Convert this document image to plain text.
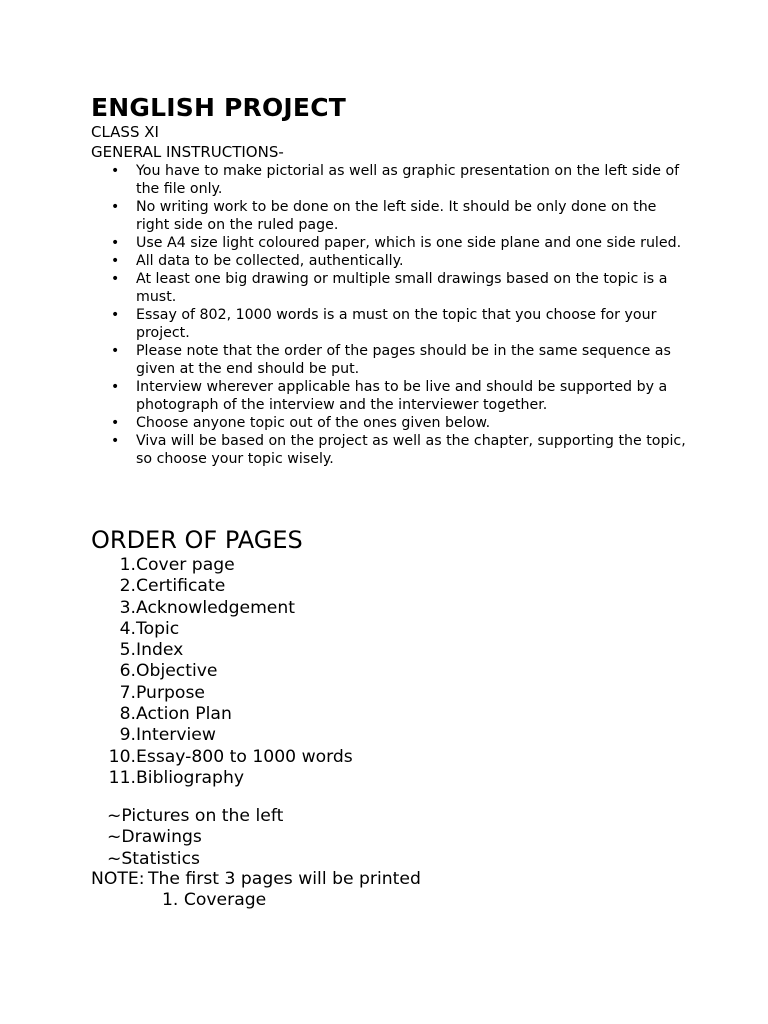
ENGLISH PROJECT

CLASS XI

GENERAL INSTRUCTIONS-

• You have to make pictorial as well as graphic presentation on the left side of the file only.
• No writing work to be done on the left side. It should be only done on the right side on the ruled page.
• Use A4 size light coloured paper, which is one side plane and one side ruled.
• All data to be collected, authentically.
• At least one big drawing or multiple small drawings based on the topic is a must.
• Essay of 802, 1000 words is a must on the topic that you choose for your project.
• Please note that the order of the pages should be in the same sequence as given at the end should be put.
• Interview wherever applicable has to be live and should be supported by a photograph of the interview and the interviewer together.
• Choose anyone topic out of the ones given below.
• Viva will be based on the project as well as the chapter, supporting the topic, so choose your topic wisely.
ORDER OF PAGES
1. Cover page
2. Certificate
3. Acknowledgement
4. Topic
5. Index
6. Objective
7. Purpose
8. Action Plan
9. Interview
10. Essay-800 to 1000 words
11. Bibliography
~Pictures on the left
~Drawings
~Statistics

NOTE: The first 3 pages will be printed

1. Coverage
